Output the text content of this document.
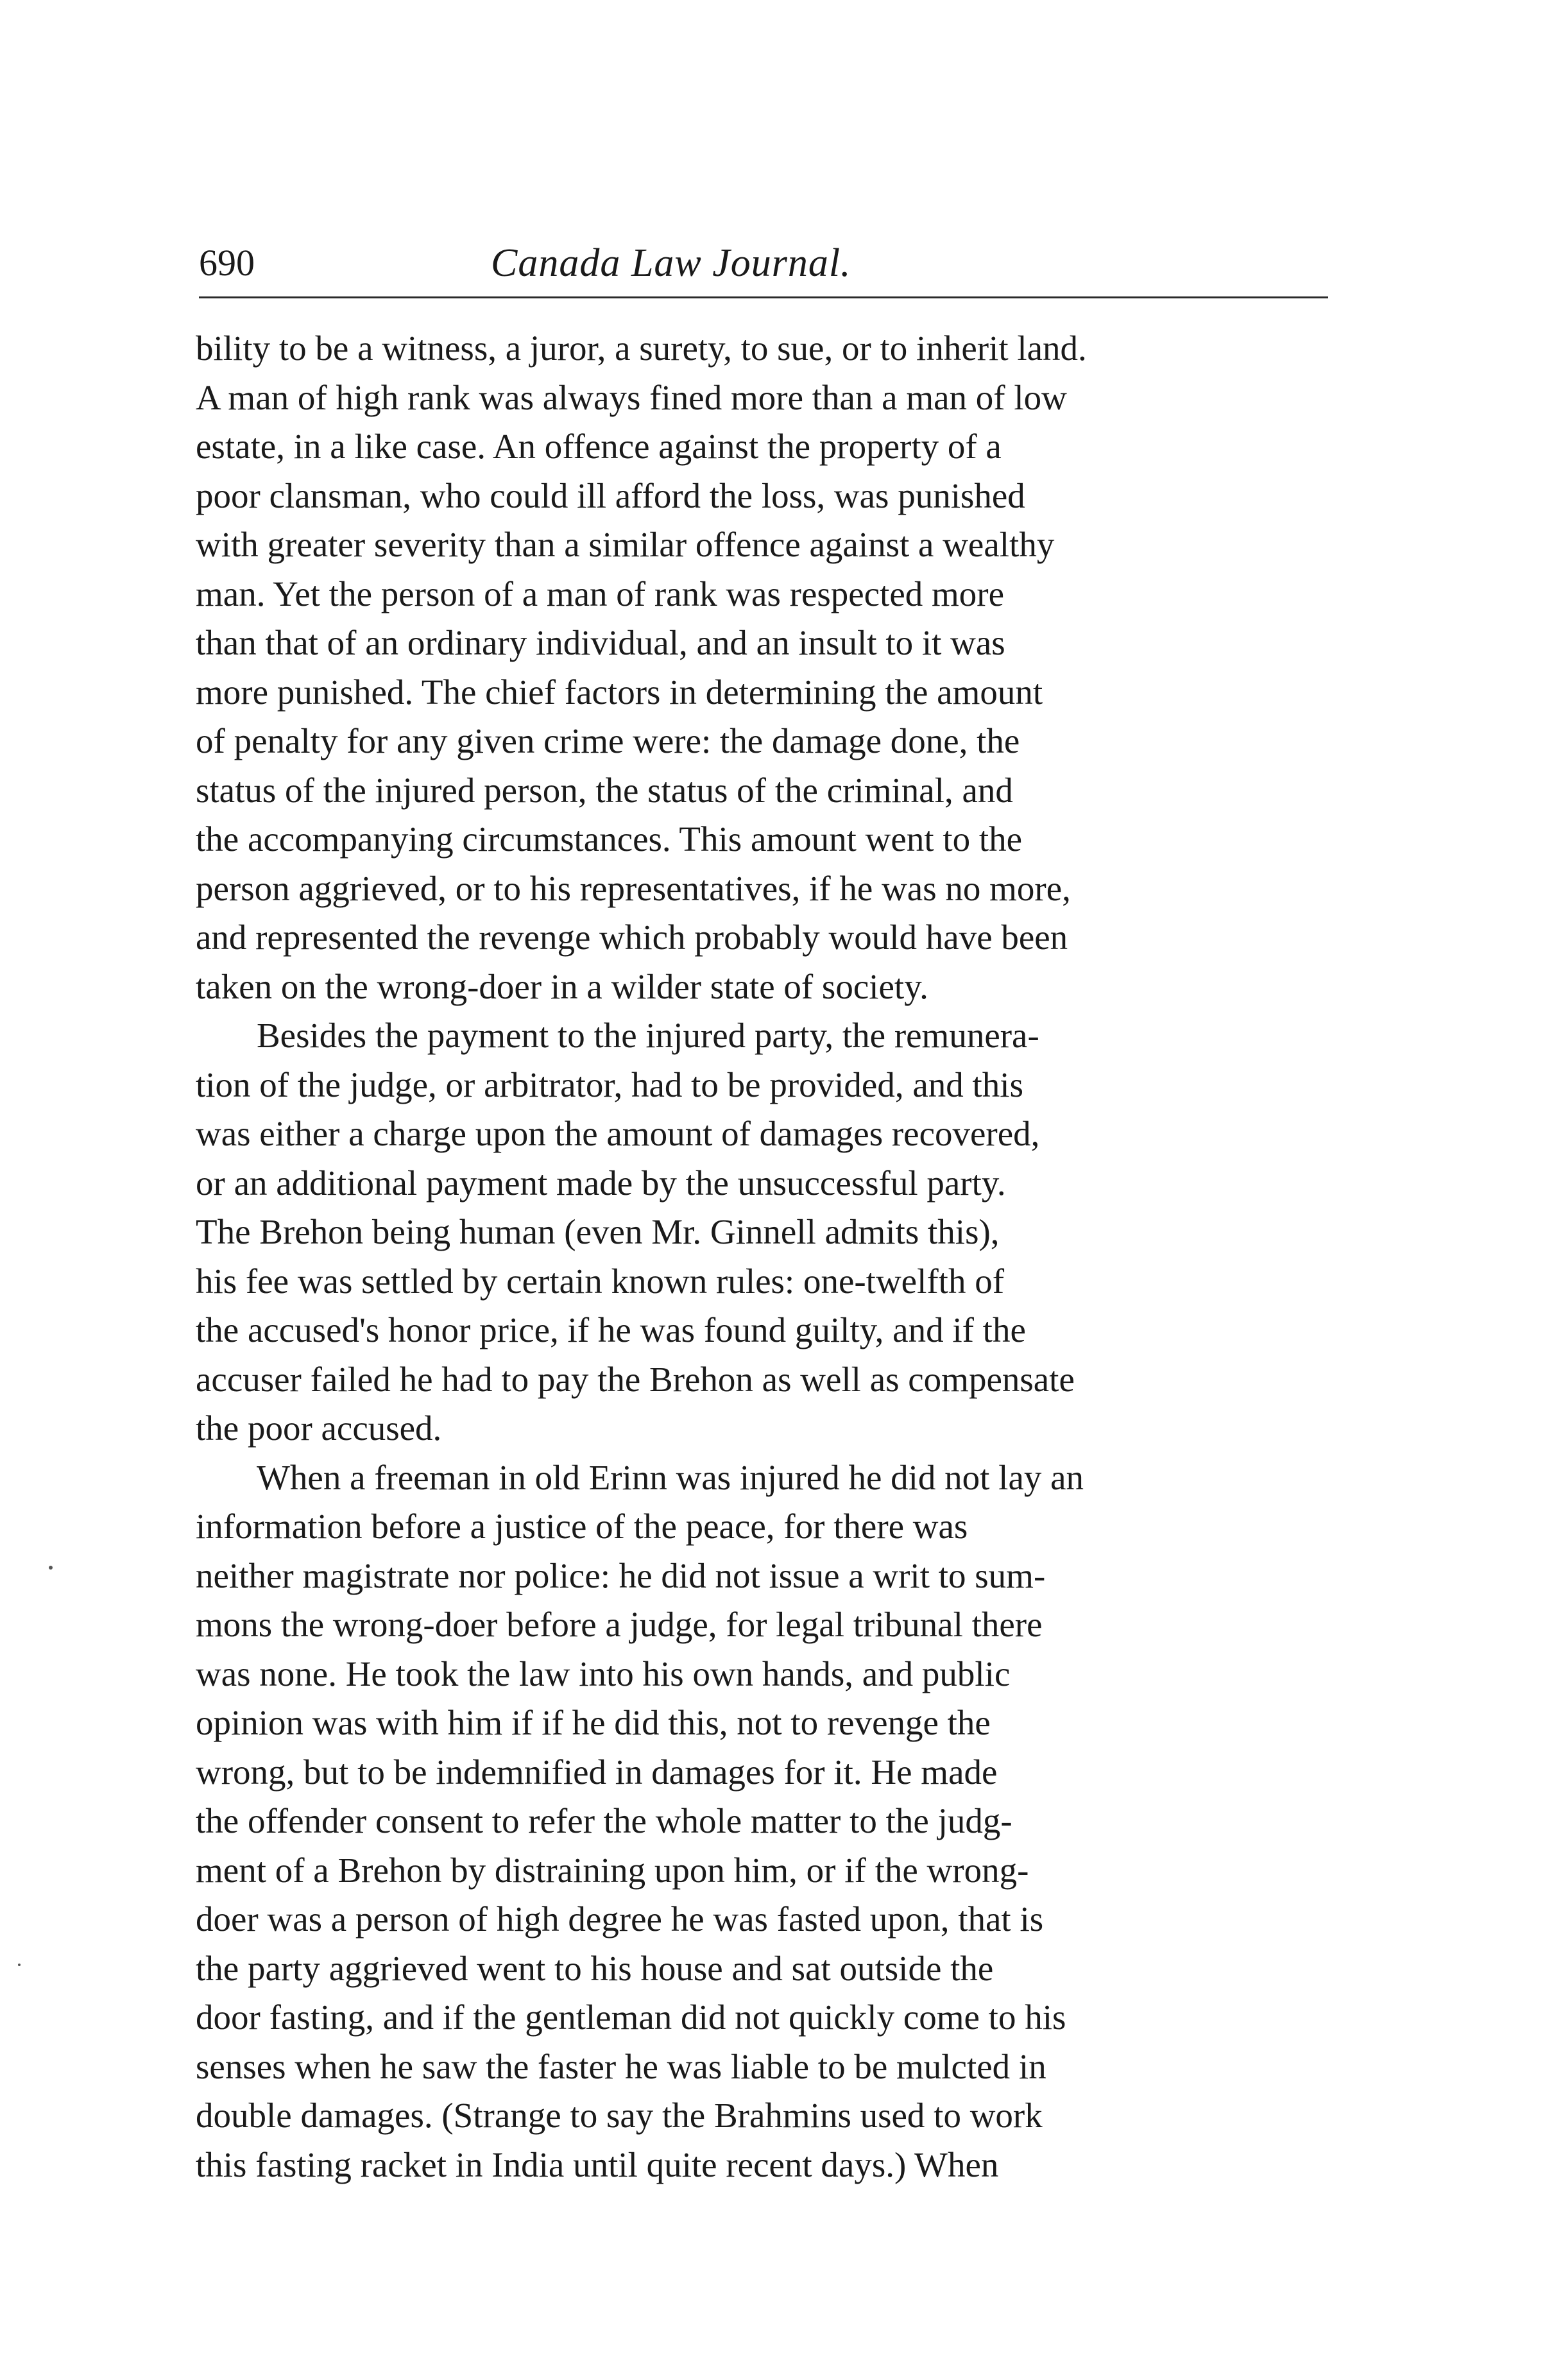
690	Canada Law Journal.

bility to be a witness, a juror, a surety, to sue, or to inherit land.
A man of high rank was always fined more than a man of low
estate, in a like case. An offence against the property of a
poor clansman, who could ill afford the loss, was punished
with greater severity than a similar offence against a wealthy
man. Yet the person of a man of rank was respected more
than that of an ordinary individual, and an insult to it was
more punished. The chief factors in determining the amount
of penalty for any given crime were: the damage done, the
status of the injured person, the status of the criminal, and
the accompanying circumstances. This amount went to the
person aggrieved, or to his representatives, if he was no more,
and represented the revenge which probably would have been
taken on the wrong-doer in a wilder state of society.

Besides the payment to the injured party, the remunera-
tion of the judge, or arbitrator, had to be provided, and this
was either a charge upon the amount of damages recovered,
or an additional payment made by the unsuccessful party.
The Brehon being human (even Mr. Ginnell admits this),
his fee was settled by certain known rules: one-twelfth of
the accused's honor price, if he was found guilty, and if the
accuser failed he had to pay the Brehon as well as compensate
the poor accused.

When a freeman in old Erinn was injured he did not lay an
information before a justice of the peace, for there was
neither magistrate nor police: he did not issue a writ to sum-
mons the wrong-doer before a judge, for legal tribunal there
was none. He took the law into his own hands, and public
opinion was with him if if he did this, not to revenge the
wrong, but to be indemnified in damages for it. He made
the offender consent to refer the whole matter to the judg-
ment of a Brehon by distraining upon him, or if the wrong-
doer was a person of high degree he was fasted upon, that is
the party aggrieved went to his house and sat outside the
door fasting, and if the gentleman did not quickly come to his
senses when he saw the faster he was liable to be mulcted in
double damages. (Strange to say the Brahmins used to work
this fasting racket in India until quite recent days.) When
